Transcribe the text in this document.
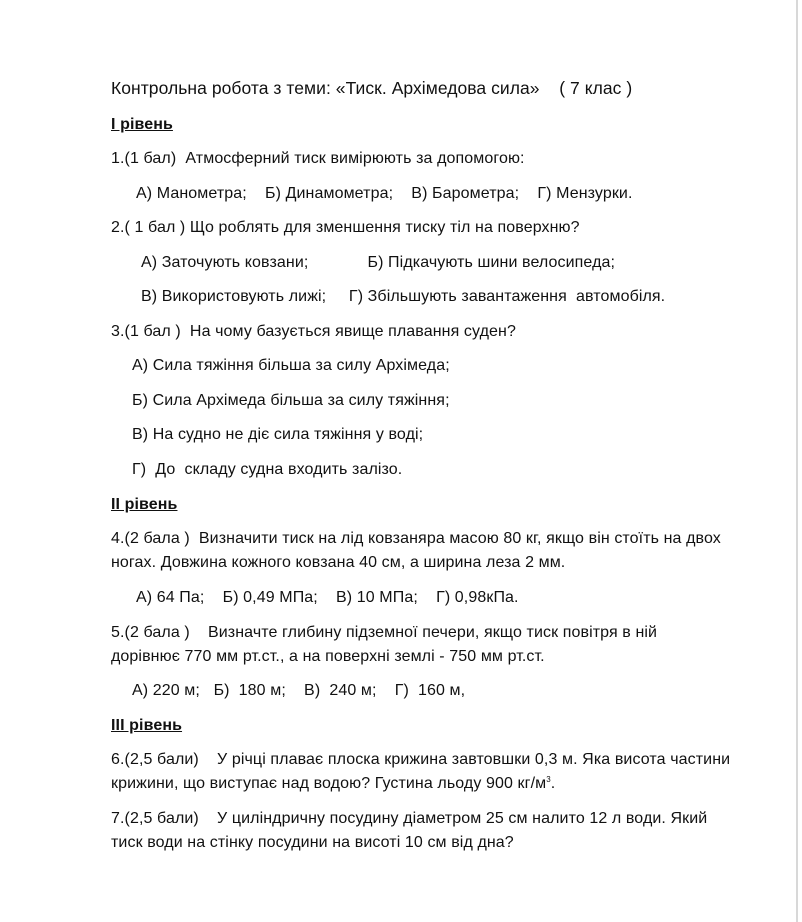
Контрольна робота з теми: «Тиск. Архімедова сила»    ( 7 клас )
І рівень
1.(1 бал)  Атмосферний тиск вимірюють за допомогою:
А) Манометра;    Б) Динамометра;    В) Барометра;    Г) Мензурки.
2.( 1 бал ) Що роблять для зменшення тиску тіл на поверхню?
А) Заточують ковзани;             Б) Підкачують шини велосипеда;
В) Використовують лижі;     Г) Збільшують завантаження  автомобіля.
3.(1 бал )  На чому базується явище плавання суден?
А) Сила тяжіння більша за силу Архімеда;
Б) Сила Архімеда більша за силу тяжіння;
В) На судно не діє сила тяжіння у воді;
Г)  До  складу судна входить залізо.
ІІ рівень
4.(2 бала )  Визначити тиск на лід ковзаняра масою 80 кг, якщо він стоїть на двох
ногах. Довжина кожного ковзана 40 см, а ширина леза 2 мм.
А) 64 Па;    Б) 0,49 МПа;    В) 10 МПа;    Г) 0,98кПа.
5.(2 бала )    Визначте глибину підземної печери, якщо тиск повітря в ній
дорівнює 770 мм рт.ст., а на поверхні землі - 750 мм рт.ст.
А) 220 м;   Б)  180 м;    В)  240 м;    Г)  160 м,
ІІІ рівень
6.(2,5 бали)    У річці плаває плоска крижина завтовшки 0,3 м. Яка висота частини
крижини, що виступає над водою? Густина льоду 900 $кг/м^3$.
7.(2,5 бали)    У циліндричну посудину діаметром 25 см налито 12 л води. Який
тиск води на стінку посудини на висоті 10 см від дна?
